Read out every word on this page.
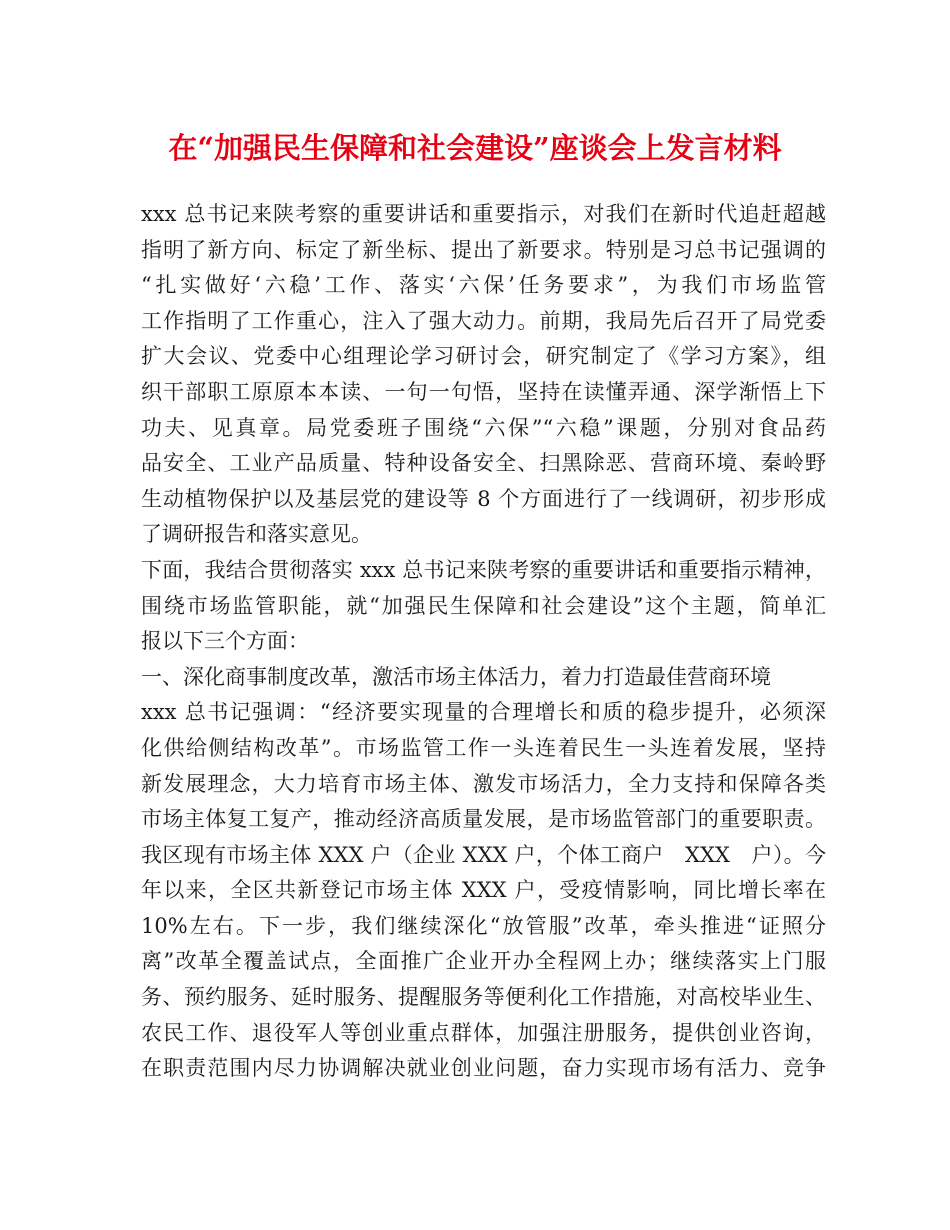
在“加强民生保障和社会建设”座谈会上发言材料
xxx 总书记来陕考察的重要讲话和重要指示，对我们在新时代追赶超越
指明了新方向、标定了新坐标、提出了新要求。特别是习总书记强调的
“扎实做好‘六稳’工作、落实‘六保’任务要求”，为我们市场监管
工作指明了工作重心，注入了强大动力。前期，我局先后召开了局党委
扩大会议、党委中心组理论学习研讨会，研究制定了《学习方案》，组
织干部职工原原本本读、一句一句悟，坚持在读懂弄通、深学渐悟上下
功夫、见真章。局党委班子围绕“六保”“六稳”课题，分别对食品药
品安全、工业产品质量、特种设备安全、扫黑除恶、营商环境、秦岭野
生动植物保护以及基层党的建设等 8 个方面进行了一线调研，初步形成
了调研报告和落实意见。
下面，我结合贯彻落实 xxx 总书记来陕考察的重要讲话和重要指示精神，
围绕市场监管职能，就“加强民生保障和社会建设”这个主题，简单汇
报以下三个方面：
一、深化商事制度改革，激活市场主体活力，着力打造最佳营商环境
xxx 总书记强调：“经济要实现量的合理增长和质的稳步提升，必须深
化供给侧结构改革”。市场监管工作一头连着民生一头连着发展，坚持
新发展理念，大力培育市场主体、激发市场活力，全力支持和保障各类
市场主体复工复产，推动经济高质量发展，是市场监管部门的重要职责。
我区现有市场主体 XXX 户（企业 XXX 户，个体工商户　XXX　户）。今
年以来，全区共新登记市场主体 XXX 户，受疫情影响，同比增长率在
10%左右。下一步，我们继续深化“放管服”改革，牵头推进“证照分
离”改革全覆盖试点，全面推广企业开办全程网上办；继续落实上门服
务、预约服务、延时服务、提醒服务等便利化工作措施，对高校毕业生、
农民工作、退役军人等创业重点群体，加强注册服务，提供创业咨询，
在职责范围内尽力协调解决就业创业问题，奋力实现市场有活力、竞争
